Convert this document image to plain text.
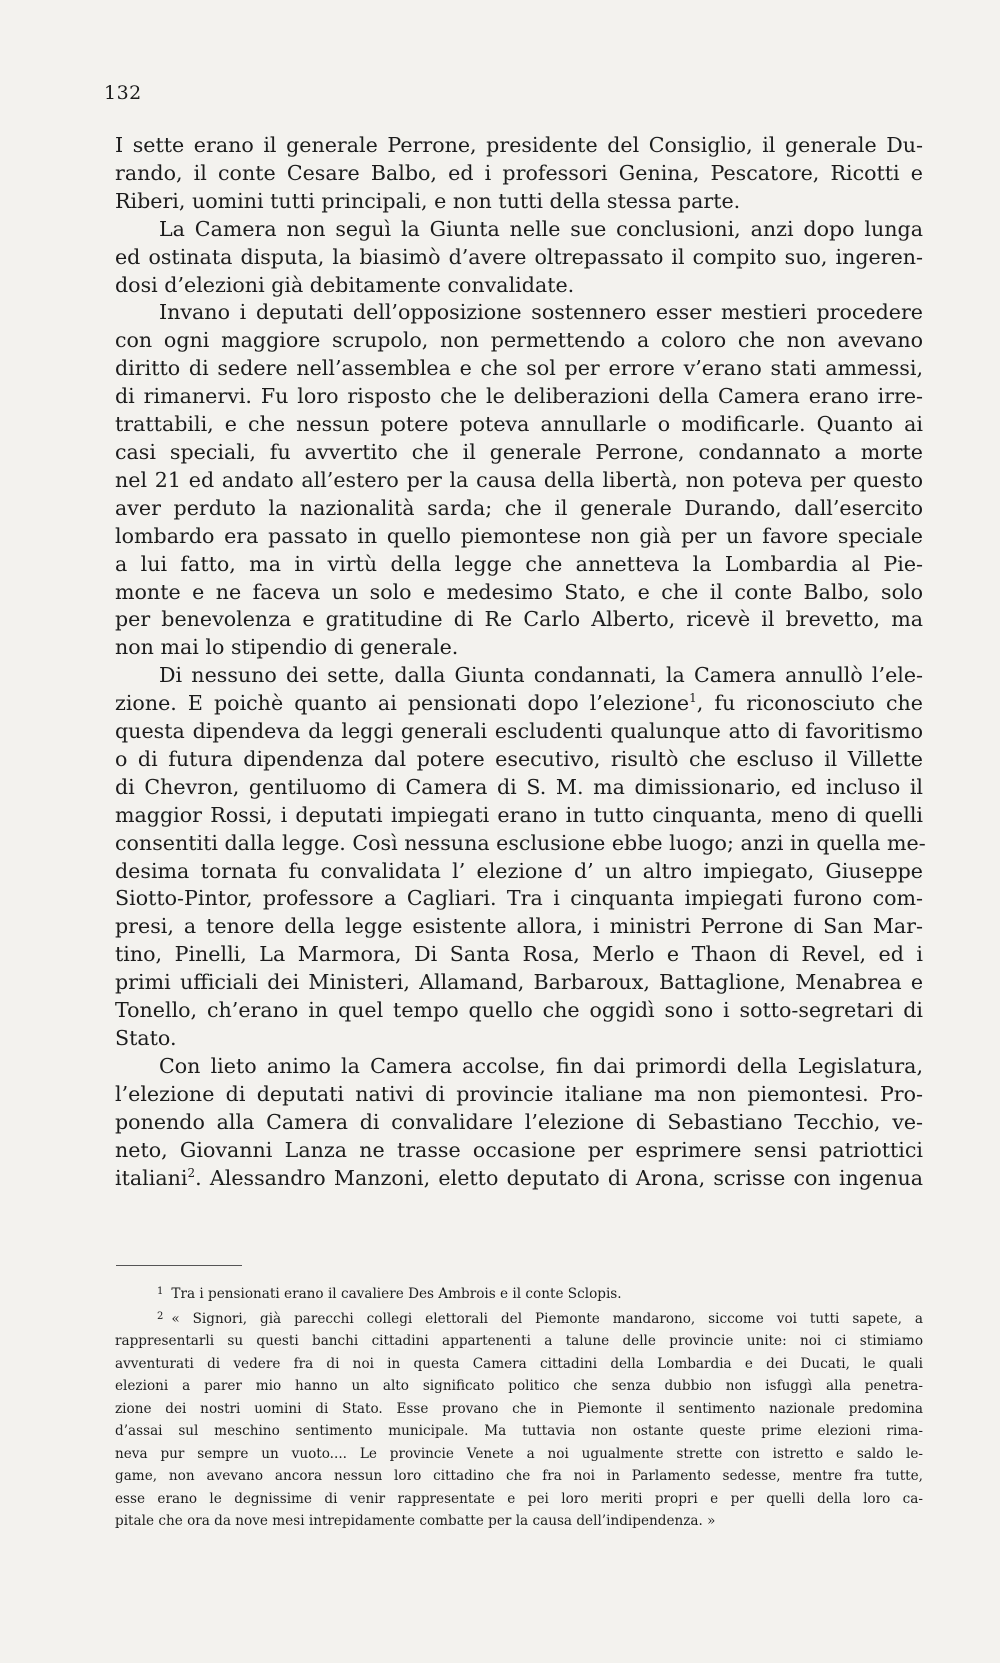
132
I sette erano il generale Perrone, presidente del Consiglio, il generale Du-
rando, il conte Cesare Balbo, ed i professori Genina, Pescatore, Ricotti e
Riberi, uomini tutti principali, e non tutti della stessa parte.
La Camera non seguì la Giunta nelle sue conclusioni, anzi dopo lunga
ed ostinata disputa, la biasimò d’avere oltrepassato il compito suo, ingeren-
dosi d’elezioni già debitamente convalidate.
Invano i deputati dell’opposizione sostennero esser mestieri procedere
con ogni maggiore scrupolo, non permettendo a coloro che non avevano
diritto di sedere nell’assemblea e che sol per errore v’erano stati ammessi,
di rimanervi. Fu loro risposto che le deliberazioni della Camera erano irre-
trattabili, e che nessun potere poteva annullarle o modificarle. Quanto ai
casi speciali, fu avvertito che il generale Perrone, condannato a morte
nel 21 ed andato all’estero per la causa della libertà, non poteva per questo
aver perduto la nazionalità sarda; che il generale Durando, dall’esercito
lombardo era passato in quello piemontese non già per un favore speciale
a lui fatto, ma in virtù della legge che annetteva la Lombardia al Pie-
monte e ne faceva un solo e medesimo Stato, e che il conte Balbo, solo
per benevolenza e gratitudine di Re Carlo Alberto, ricevè il brevetto, ma
non mai lo stipendio di generale.
Di nessuno dei sette, dalla Giunta condannati, la Camera annullò l’ele-
zione. E poichè quanto ai pensionati dopo l’elezione$^1$, fu riconosciuto che
questa dipendeva da leggi generali escludenti qualunque atto di favoritismo
o di futura dipendenza dal potere esecutivo, risultò che escluso il Villette
di Chevron, gentiluomo di Camera di S. M. ma dimissionario, ed incluso il
maggior Rossi, i deputati impiegati erano in tutto cinquanta, meno di quelli
consentiti dalla legge. Così nessuna esclusione ebbe luogo; anzi in quella me-
desima tornata fu convalidata l’ elezione d’ un altro impiegato, Giuseppe
Siotto-Pintor, professore a Cagliari. Tra i cinquanta impiegati furono com-
presi, a tenore della legge esistente allora, i ministri Perrone di San Mar-
tino, Pinelli, La Marmora, Di Santa Rosa, Merlo e Thaon di Revel, ed i
primi ufficiali dei Ministeri, Allamand, Barbaroux, Battaglione, Menabrea e
Tonello, ch’erano in quel tempo quello che oggidì sono i sotto-segretari di
Stato.
Con lieto animo la Camera accolse, fin dai primordi della Legislatura,
l’elezione di deputati nativi di provincie italiane ma non piemontesi. Pro-
ponendo alla Camera di convalidare l’elezione di Sebastiano Tecchio, ve-
neto, Giovanni Lanza ne trasse occasione per esprimere sensi patriottici
italiani$^2$. Alessandro Manzoni, eletto deputato di Arona, scrisse con ingenua
$^1$ Tra i pensionati erano il cavaliere Des Ambrois e il conte Sclopis.
$^2$ « Signori, già parecchi collegi elettorali del Piemonte mandarono, siccome voi tutti sapete, a
rappresentarli su questi banchi cittadini appartenenti a talune delle provincie unite: noi ci stimiamo
avventurati di vedere fra di noi in questa Camera cittadini della Lombardia e dei Ducati, le quali
elezioni a parer mio hanno un alto significato politico che senza dubbio non isfuggì alla penetra-
zione dei nostri uomini di Stato. Esse provano che in Piemonte il sentimento nazionale predomina
d’assai sul meschino sentimento municipale. Ma tuttavia non ostante queste prime elezioni rima-
neva pur sempre un vuoto.... Le provincie Venete a noi ugualmente strette con istretto e saldo le-
game, non avevano ancora nessun loro cittadino che fra noi in Parlamento sedesse, mentre fra tutte,
esse erano le degnissime di venir rappresentate e pei loro meriti propri e per quelli della loro ca-
pitale che ora da nove mesi intrepidamente combatte per la causa dell’indipendenza. »
